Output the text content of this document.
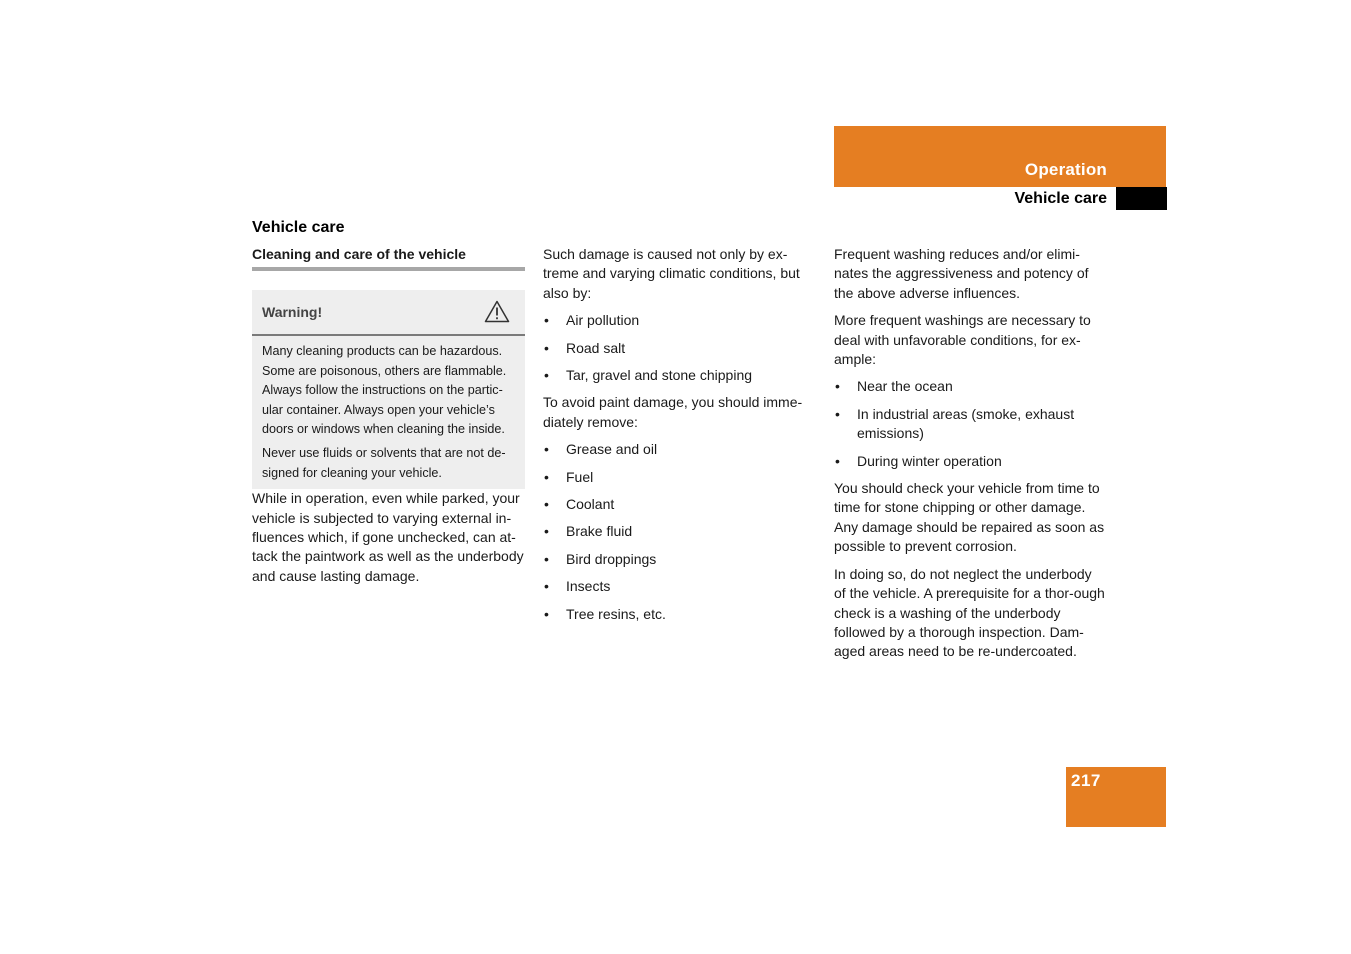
Operation
Vehicle care
Vehicle care
Cleaning and care of the vehicle
Warning!

Many cleaning products can be hazardous. Some are poisonous, others are flammable. Always follow the instructions on the partic-ular container. Always open your vehicle’s doors or windows when cleaning the inside.

Never use fluids or solvents that are not de-signed for cleaning your vehicle.

While in operation, even while parked, your vehicle is subjected to varying external in-fluences which, if gone unchecked, can at-tack the paintwork as well as the underbody and cause lasting damage.

Such damage is caused not only by ex-treme and varying climatic conditions, but also by:

• Air pollution
• Road salt
• Tar, gravel and stone chipping

To avoid paint damage, you should imme-diately remove:

• Grease and oil
• Fuel
• Coolant
• Brake fluid
• Bird droppings
• Insects
• Tree resins, etc.

Frequent washing reduces and/or elimi-nates the aggressiveness and potency of the above adverse influences.

More frequent washings are necessary to deal with unfavorable conditions, for ex-ample:

• Near the ocean
• In industrial areas (smoke, exhaust emissions)
• During winter operation

You should check your vehicle from time to time for stone chipping or other damage. Any damage should be repaired as soon as possible to prevent corrosion.

In doing so, do not neglect the underbody of the vehicle. A prerequisite for a thor-ough check is a washing of the underbody followed by a thorough inspection. Dam-aged areas need to be re-undercoated.

217
